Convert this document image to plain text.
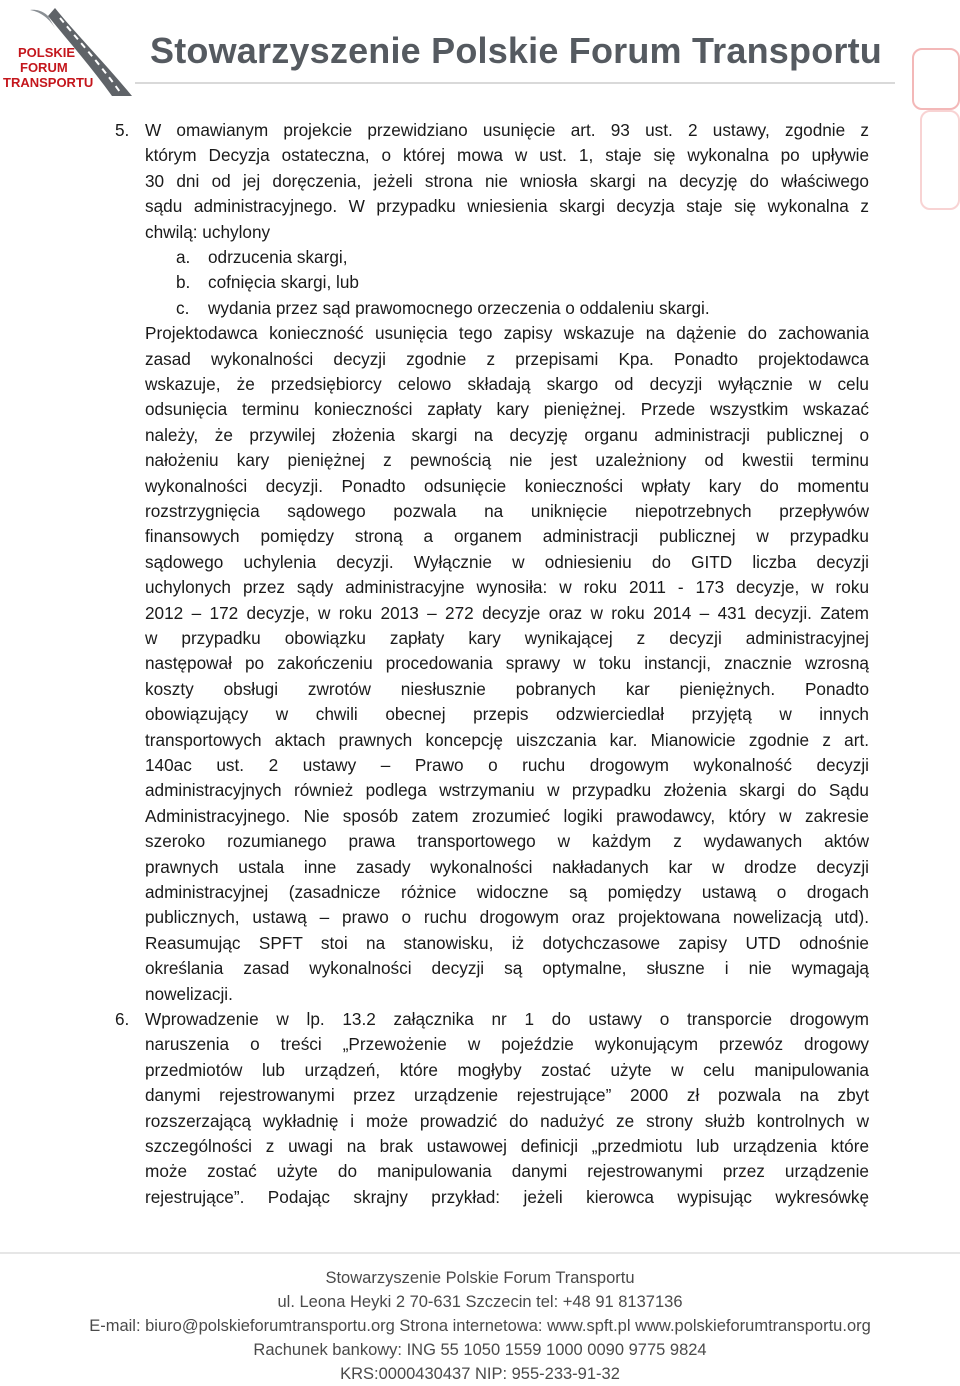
POLSKIE
FORUM
TRANSPORTU
Stowarzyszenie Polskie Forum Transportu
5. W omawianym projekcie przewidziano usunięcie art. 93 ust. 2 ustawy, zgodnie z
którym Decyzja ostateczna, o której mowa w ust. 1, staje się wykonalna po upływie
30 dni od jej doręczenia, jeżeli strona nie wniosła skargi na decyzję do właściwego
sądu administracyjnego. W przypadku wniesienia skargi decyzja staje się wykonalna z
chwilą: uchylony
a. odrzucenia skargi,
b. cofnięcia skargi, lub
c. wydania przez sąd prawomocnego orzeczenia o oddaleniu skargi.
Projektodawca konieczność usunięcia tego zapisy wskazuje na dążenie do zachowania
zasad wykonalności decyzji zgodnie z przepisami Kpa. Ponadto projektodawca
wskazuje, że przedsiębiorcy celowo składają skargo od decyzji wyłącznie w celu
odsunięcia terminu konieczności zapłaty kary pieniężnej. Przede wszystkim wskazać
należy, że przywilej złożenia skargi na decyzję organu administracji publicznej o
nałożeniu kary pieniężnej z pewnością nie jest uzależniony od kwestii terminu
wykonalności decyzji. Ponadto odsunięcie konieczności wpłaty kary do momentu
rozstrzygnięcia sądowego pozwala na uniknięcie niepotrzebnych przepływów
finansowych pomiędzy stroną a organem administracji publicznej w przypadku
sądowego uchylenia decyzji. Wyłącznie w odniesieniu do GITD liczba decyzji
uchylonych przez sądy administracyjne wynosiła: w roku 2011 - 173 decyzje, w roku
2012 – 172 decyzje, w roku 2013 – 272 decyzje oraz w roku 2014 – 431 decyzji. Zatem
w przypadku obowiązku zapłaty kary wynikającej z decyzji administracyjnej
następował po zakończeniu procedowania sprawy w toku instancji, znacznie wzrosną
koszty obsługi zwrotów niesłusznie pobranych kar pieniężnych. Ponadto
obowiązujący w chwili obecnej przepis odzwierciedlał przyjętą w innych
transportowych aktach prawnych koncepcję uiszczania kar. Mianowicie zgodnie z art.
140ac ust. 2 ustawy – Prawo o ruchu drogowym wykonalność decyzji
administracyjnych również podlega wstrzymaniu w przypadku złożenia skargi do Sądu
Administracyjnego. Nie sposób zatem zrozumieć logiki prawodawcy, który w zakresie
szeroko rozumianego prawa transportowego w każdym z wydawanych aktów
prawnych ustala inne zasady wykonalności nakładanych kar w drodze decyzji
administracyjnej (zasadnicze różnice widoczne są pomiędzy ustawą o drogach
publicznych, ustawą – prawo o ruchu drogowym oraz projektowana nowelizacją utd).
Reasumując SPFT stoi na stanowisku, iż dotychczasowe zapisy UTD odnośnie
określania zasad wykonalności decyzji są optymalne, słuszne i nie wymagają
nowelizacji.
6. Wprowadzenie w lp. 13.2 załącznika nr 1 do ustawy o transporcie drogowym
naruszenia o treści „Przewożenie w pojeździe wykonującym przewóz drogowy
przedmiotów lub urządzeń, które mogłyby zostać użyte w celu manipulowania
danymi rejestrowanymi przez urządzenie rejestrujące” 2000 zł pozwala na zbyt
rozszerzającą wykładnię i może prowadzić do nadużyć ze strony służb kontrolnych w
szczególności z uwagi na brak ustawowej definicji „przedmiotu lub urządzenia które
może zostać użyte do manipulowania danymi rejestrowanymi przez urządzenie
rejestrujące”. Podając skrajny przykład: jeżeli kierowca wypisując wykresówkę
Stowarzyszenie Polskie Forum Transportu
ul. Leona Heyki 2 70-631 Szczecin tel: +48 91 8137136
E-mail: biuro@polskieforumtransportu.org Strona internetowa: www.spft.pl www.polskieforumtransportu.org
Rachunek bankowy: ING 55 1050 1559 1000 0090 9775 9824
KRS:0000430437 NIP: 955-233-91-32
